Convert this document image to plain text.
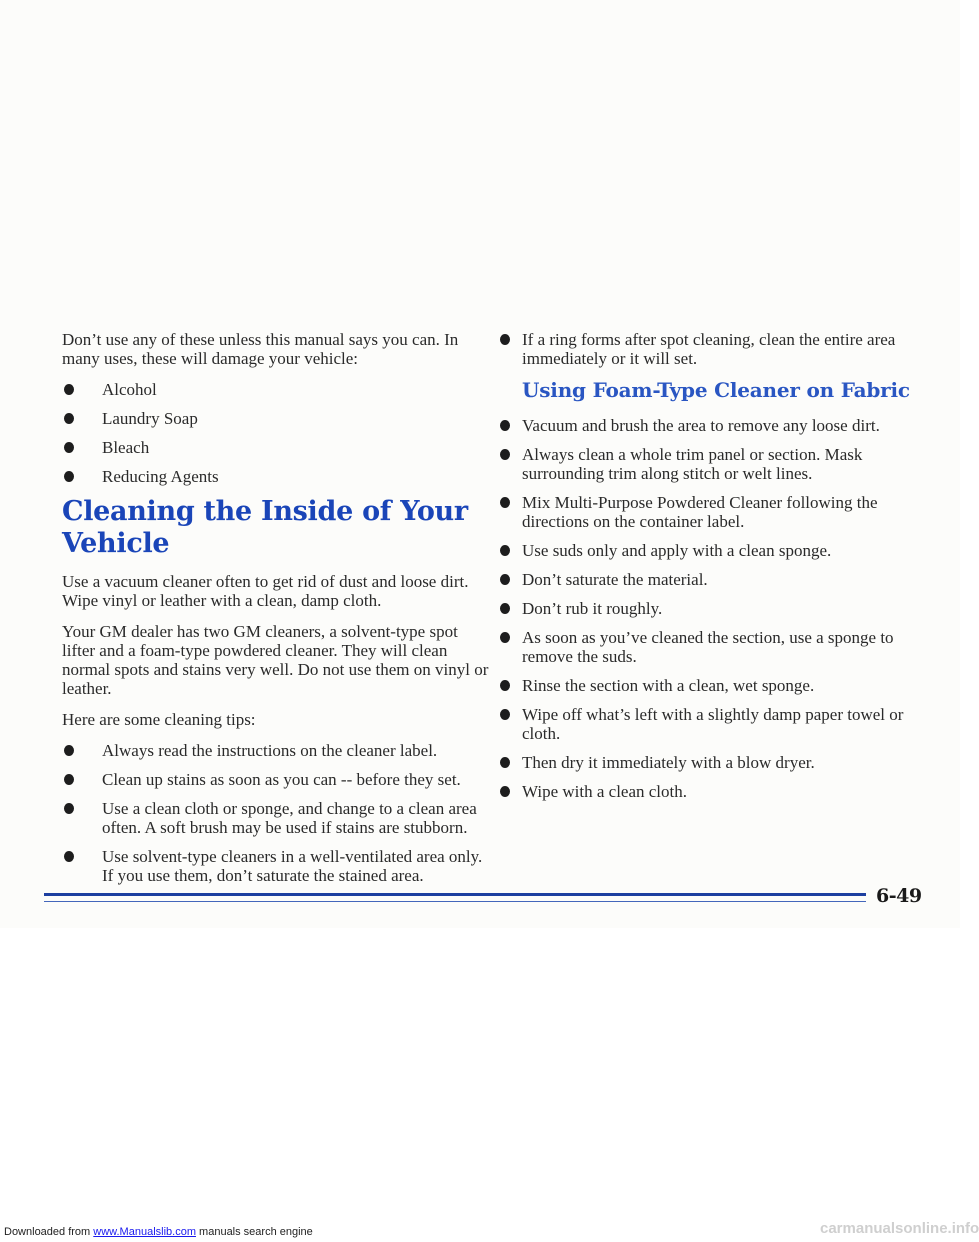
Don’t use any of these unless this manual says you can. In many uses, these will damage your vehicle:

Alcohol
Laundry Soap
Bleach
Reducing Agents
Cleaning the Inside of Your Vehicle

Use a vacuum cleaner often to get rid of dust and loose dirt. Wipe vinyl or leather with a clean, damp cloth.

Your GM dealer has two GM cleaners, a solvent-type spot lifter and a foam-type powdered cleaner. They will clean normal spots and stains very well. Do not use them on vinyl or leather.

Here are some cleaning tips:

Always read the instructions on the cleaner label.
Clean up stains as soon as you can -- before they set.
Use a clean cloth or sponge, and change to a clean area often. A soft brush may be used if stains are stubborn.
Use solvent-type cleaners in a well-ventilated area only. If you use them, don’t saturate the stained area.
If a ring forms after spot cleaning, clean the entire area immediately or it will set.
Using Foam-Type Cleaner on Fabric
Vacuum and brush the area to remove any loose dirt.
Always clean a whole trim panel or section. Mask surrounding trim along stitch or welt lines.
Mix Multi-Purpose Powdered Cleaner following the directions on the container label.
Use suds only and apply with a clean sponge.
Don’t saturate the material.
Don’t rub it roughly.
As soon as you’ve cleaned the section, use a sponge to remove the suds.
Rinse the section with a clean, wet sponge.
Wipe off what’s left with a slightly damp paper towel or cloth.
Then dry it immediately with a blow dryer.
Wipe with a clean cloth.
6-49
Downloaded from www.Manualslib.com manuals search engine	carmanualsonline.info
